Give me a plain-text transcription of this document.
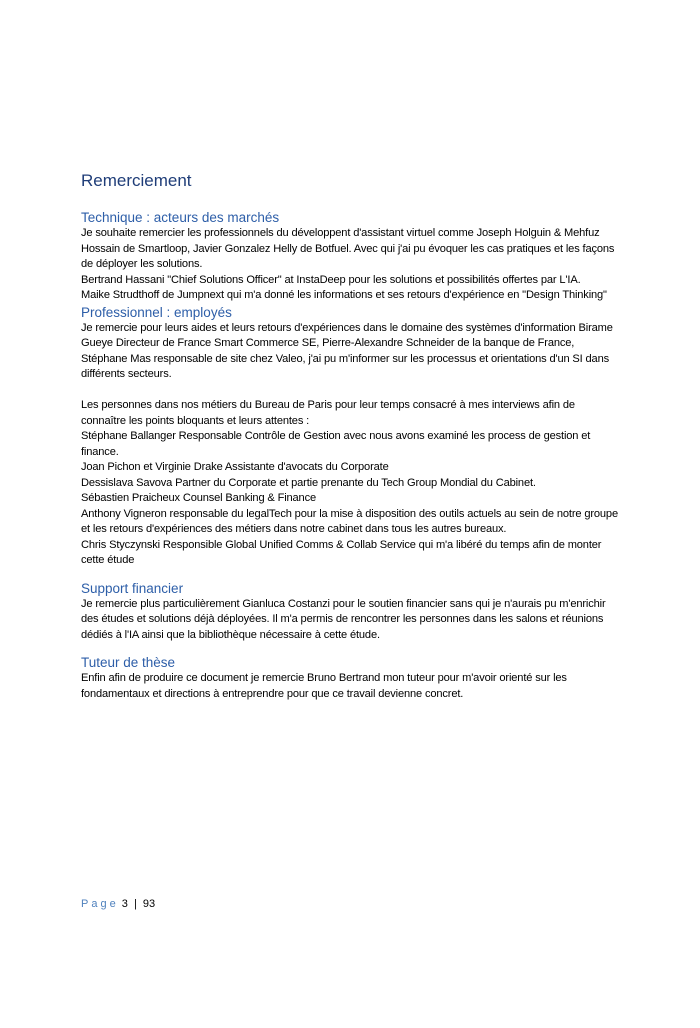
Remerciement
Technique : acteurs des marchés

Je souhaite remercier les professionnels du développent d'assistant virtuel comme Joseph Holguin & Mehfuz Hossain de Smartloop, Javier Gonzalez Helly de Botfuel. Avec qui j'ai pu évoquer les cas pratiques et les façons de déployer les solutions.

Bertrand Hassani "Chief Solutions Officer" at InstaDeep pour les solutions et possibilités offertes par L'IA.

Maike Strudthoff de Jumpnext qui m'a donné les informations et ses retours d'expérience en "Design Thinking"

Professionnel : employés

Je remercie pour leurs aides et leurs retours d'expériences dans le domaine des systèmes d'information Birame Gueye Directeur de France Smart Commerce SE, Pierre-Alexandre Schneider de la banque de France, Stéphane Mas responsable de site chez Valeo, j'ai pu m'informer sur les processus et orientations d'un SI dans différents secteurs.

Les personnes dans nos métiers du Bureau de Paris pour leur temps consacré à mes interviews afin de connaître les points bloquants et leurs attentes :

Stéphane Ballanger Responsable Contrôle de Gestion avec nous avons examiné les process de gestion et finance.

Joan Pichon et Virginie Drake Assistante d'avocats du Corporate

Dessislava Savova Partner du Corporate et partie prenante du Tech Group Mondial du Cabinet.

Sébastien Praicheux Counsel Banking & Finance

Anthony Vigneron responsable du legalTech pour la mise à disposition des outils actuels au sein de notre groupe et les retours d'expériences des métiers dans notre cabinet dans tous les autres bureaux.

Chris Styczynski Responsible Global Unified Comms & Collab Service qui m'a libéré du temps afin de monter cette étude

Support financier

Je remercie plus particulièrement Gianluca Costanzi pour le soutien financier sans qui je n'aurais pu m'enrichir des études et solutions déjà déployées. Il m'a permis de rencontrer les personnes dans les salons et réunions dédiés à l'IA ainsi que la bibliothèque nécessaire à cette étude.

Tuteur de thèse

Enfin afin de produire ce document je remercie Bruno Bertrand mon tuteur pour m'avoir orienté sur les fondamentaux et directions à entreprendre pour que ce travail devienne concret.

Page 3 | 93
